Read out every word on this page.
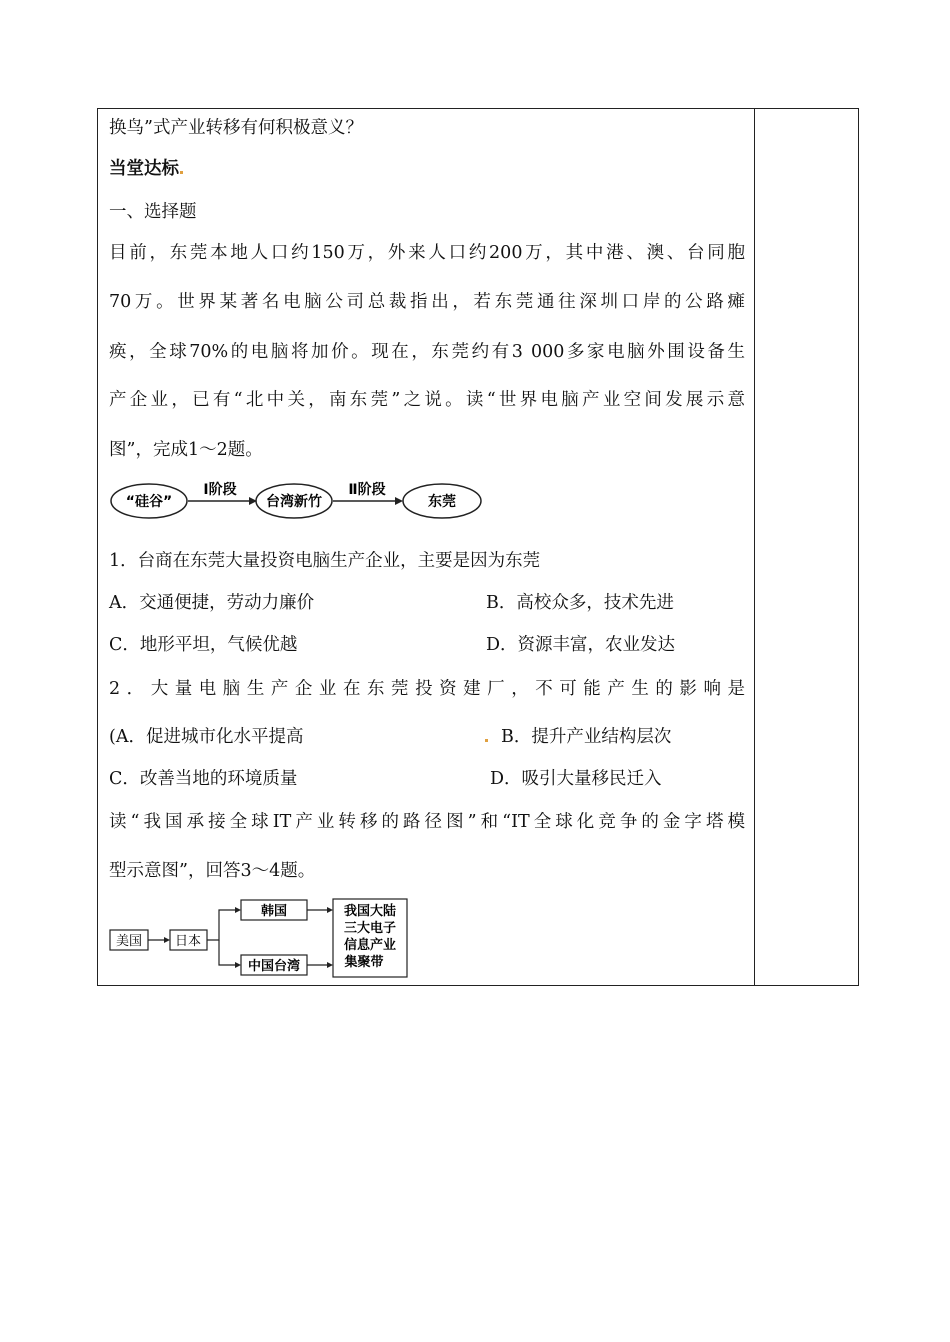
换鸟”式产业转移有何积极意义？
当堂达标
一、选择题
目前，东莞本地人口约150万，外来人口约200万，其中港、澳、台同胞
70万。世界某著名电脑公司总裁指出，若东莞通往深圳口岸的公路瘫
痪，全球70%的电脑将加价。现在，东莞约有3 000多家电脑外围设备生
产企业，已有“北中关，南东莞”之说。读“世界电脑产业空间发展示意
图”，完成1～2题。
“硅谷”
Ⅰ阶段
台湾新竹
Ⅱ阶段
东莞
1．台商在东莞大量投资电脑生产企业，主要是因为东莞
A．交通便捷，劳动力廉价	B．高校众多，技术先进
C．地形平坦，气候优越	D．资源丰富，农业发达
2．大量电脑生产企业在东莞投资建厂，不可能产生的影响是
(A．促进城市化水平提高	B．提升产业结构层次
C．改善当地的环境质量	D．吸引大量移民迁入
读“我国承接全球IT产业转移的路径图”和“IT全球化竞争的金字塔模
型示意图”，回答3～4题。
美国	日本
韩国
中国台湾
我国大陆
三大电子
信息产业
集聚带
